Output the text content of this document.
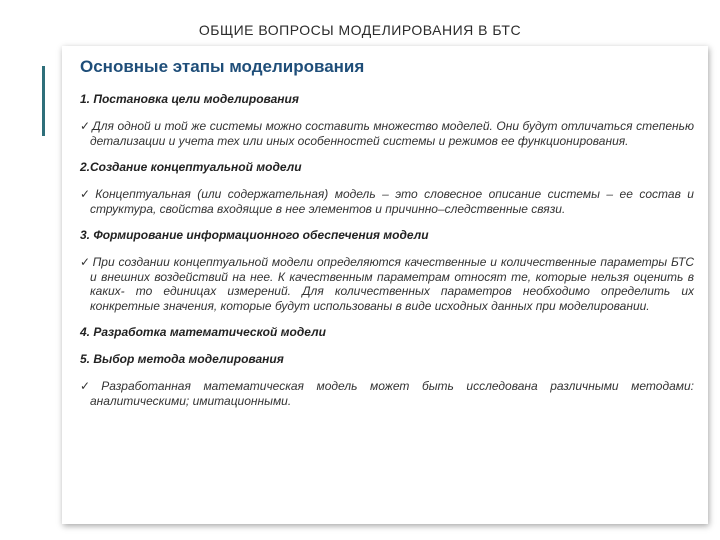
ОБЩИЕ ВОПРОСЫ МОДЕЛИРОВАНИЯ В БТС
Основные этапы моделирования
1. Постановка цели моделирования
✓ Для одной и той же системы можно составить множество моделей. Они будут отличаться степенью детализации и учета тех или иных особенностей системы и режимов ее функционирования.
2.Создание концептуальной модели
✓ Концептуальная (или содержательная) модель – это словесное описание системы – ее состав и структура, свойства входящие в нее элементов и причинно–следственные связи.
3. Формирование информационного обеспечения модели
✓ При создании концептуальной модели определяются качественные и количественные параметры БТС и внешних воздействий на нее. К качественным параметрам относят те, которые нельзя оценить в каких- то единицах измерений. Для количественных параметров необходимо определить их конкретные значения, которые будут использованы в виде исходных данных при моделировании.
4. Разработка математической модели
5. Выбор метода моделирования
✓ Разработанная математическая модель может быть исследована различными методами: аналитическими; имитационными.
